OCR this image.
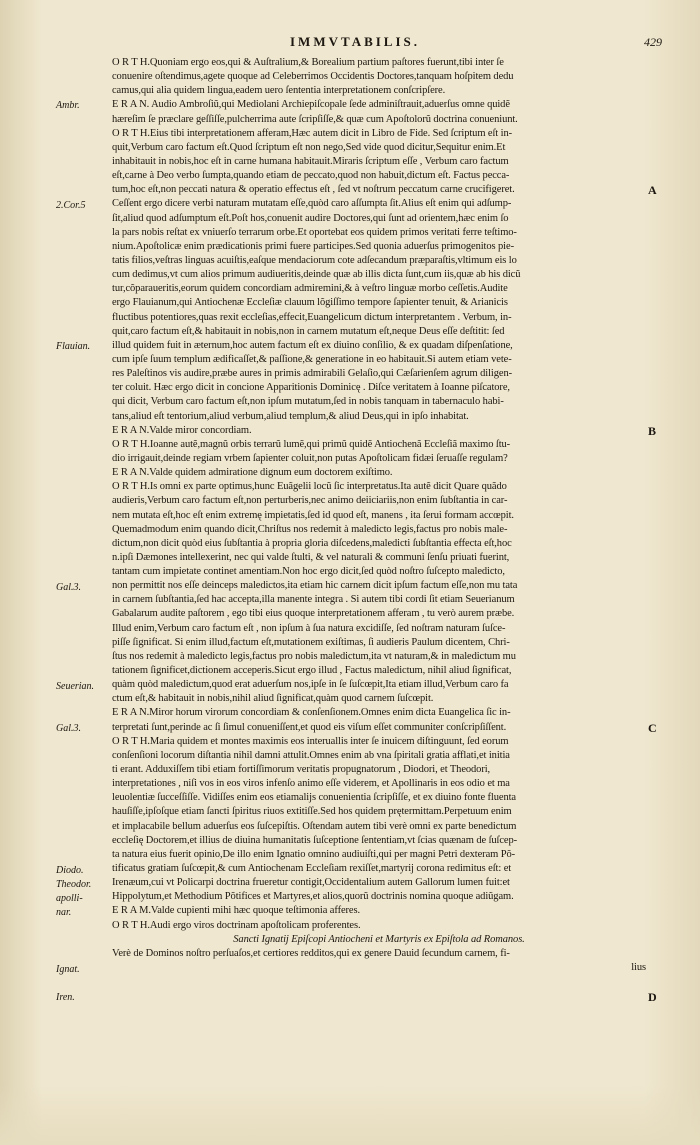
IMMVTABILIS.	429
O R T H.Quoniam ergo eos,qui & Auſtralium,& Borealium partium paſtores fuerunt,tibi inter ſe
conuenire oſtendimus,agete quoque ad Celeberrimos Occidentis Doctores,tanquam hoſpitem dedu
camus,qui alia quidem lingua,eadem uero ſententia interpretationem conſcripſere.
E R A N. Audio Ambroſiũ,qui Mediolani Archiepiſcopale ſede adminiſtrauit,aduerſus omne quidẽ
hæreſim ſe præclare geſſiſſe,pulcherrima aute ſcripſiſſe,& quæ cum Apoſtolorũ doctrina conueniunt.
O R T H.Eius tibi interpretationem afferam,Hæc autem dicit in Libro de Fide. Sed ſcriptum eſt in-
quit,Verbum caro factum eſt.Quod ſcriptum eſt non nego,Sed vide quod dicitur,Sequitur enim.Et
inhabitauit in nobis,hoc eſt in carne humana habitauit.Miraris ſcriptum eſſe , Verbum caro factum
eſt,carne à Deo verbo ſumpta,quando etiam de peccato,quod non habuit,dictum eſt. Factus pecca-
tum,hoc eſt,non peccati natura & operatio effectus eſt , ſed vt noſtrum peccatum carne crucifigeret.
Ceſſent ergo dicere verbi naturam mutatam eſſe,quòd caro aſſumpta ſit.Alius eſt enim qui adſump-
ſit,aliud quod adſumptum eſt.Poſt hos,conuenit audire Doctores,qui ſunt ad orientem,hæc enim ſo
la pars nobis reſtat ex vniuerſo terrarum orbe.Et oportebat eos quidem primos veritati ferre teſtimo-
nium.Apoſtolicæ enim prædicationis primi fuere participes.Sed quonia aduerſus primogenitos pie-
tatis filios,veſtras linguas acuiſtis,eaſque mendaciorum cote adſecandum præparaſtis,vltimum eis lo
cum dedimus,vt cum alios primum audiueritis,deinde quæ ab illis dicta ſunt,cum iis,quæ ab his dicũ
tur,cõparaueritis,eorum quidem concordiam admiremini,& à veſtro linguæ morbo ceſſetis.Audite
ergo Flauianum,qui Antiochenæ Eccleſiæ clauum lõgiſſimo tempore ſapienter tenuit, & Arianicis
fluctibus potentiores,quas rexit eccleſias,effecit,Euangelicum dictum interpretantem . Verbum, in-
quit,caro factum eſt,& habitauit in nobis,non in carnem mutatum eſt,neque Deus eſſe deſtitit: ſed
illud quidem fuit in æternum,hoc autem factum eſt ex diuino conſilio, & ex quadam diſpenſatione,
cum ipſe ſuum templum ædificaſſet,& paſſione,& generatione in eo habitauit.Si autem etiam vete-
res Paleſtinos vis audire,præbe aures in primis admirabili Gelaſio,qui Cæſarienſem agrum diligen-
ter coluit. Hæc ergo dicit in concione Apparitionis Dominicę . Diſce veritatem à Ioanne piſcatore,
qui dicit, Verbum caro factum eſt,non ipſum mutatum,ſed in nobis tanquam in tabernaculo habi-
tans,aliud eſt tentorium,aliud verbum,aliud templum,& aliud Deus,qui in ipſo inhabitat.
E R A N.Valde miror concordiam.
O R T H.Ioanne autẽ,magnũ orbis terrarũ lumẽ,qui primũ quidẽ Antiochenã Eccleſiã maximo ſtu-
dio irrigauit,deinde regiam vrbem ſapienter coluit,non putas Apoſtolicam fidæi ſeruaſſe regulam?
E R A N.Valde quidem admiratione dignum eum doctorem exiſtimo.
O R T H.Is omni ex parte optimus,hunc Euãgelii locũ ſic interpretatus.Ita autẽ dicit Quare quãdo
audieris,Verbum caro factum eſt,non perturberis,nec animo deiiciariis,non enim ſubſtantia in car-
nem mutata eſt,hoc eſt enim extremę impietatis,ſed id quod eſt, manens , ita ſerui formam accœpit.
Quemadmodum enim quando dicit,Chriſtus nos redemit à maledicto legis,factus pro nobis male-
dictum,non dicit quòd eius ſubſtantia à propria gloria diſcedens,maledicti ſubſtantia effecta eſt,hoc
n.ipſi Dæmones intellexerint, nec qui valde ſtulti, & vel naturali & communi ſenſu priuati fuerint,
tantam cum impietate continet amentiam.Non hoc ergo dicit,ſed quòd noſtro ſuſcepto maledicto,
non permittit nos eſſe deinceps maledictos,ita etiam hic carnem dicit ipſum factum eſſe,non mu tata
in carnem ſubſtantia,ſed hac accepta,illa manente integra . Si autem tibi cordi ſit etiam Seuerianum
Gabalarum audite paſtorem , ego tibi eius quoque interpretationem afferam , tu verò aurem præbe.
Illud enim,Verbum caro factum eſt , non ipſum à ſua natura excidiſſe, ſed noſtram naturam ſuſce-
piſſe ſignificat. Si enim illud,factum eſt,mutationem exiſtimas, ſi audieris Paulum dicentem, Chri-
ſtus nos redemit à maledicto legis,factus pro nobis maledictum,ita vt naturam,& in maledictum mu
tationem ſignificet,dictionem acceperis.Sicut ergo illud , Factus maledictum, nihil aliud ſignificat,
quàm quòd maledictum,quod erat aduerſum nos,ipſe in ſe ſuſcœpit,Ita etiam illud,Verbum caro fa
ctum eſt,& habitauit in nobis,nihil aliud ſignificat,quàm quod carnem ſuſcœpit.
E R A N.Miror horum virorum concordiam & conſenſionem.Omnes enim dicta Euangelica ſic in-
terpretati ſunt,perinde ac ſi ſimul conueniſſent,et quod eis viſum eſſet communiter conſcripſiſſent.
O R T H.Maria quidem et montes maximis eos interuallis inter ſe inuicem diſtinguunt, ſed eorum
conſenſioni locorum diſtantia nihil damni attulit.Omnes enim ab vna ſpiritali gratia afflati,et initia
ti erant. Adduxiſſem tibi etiam fortiſſimorum veritatis propugnatorum , Diodori, et Theodori,
interpretationes , niſi vos in eos viros infenſo animo eſſe viderem, et Apollinaris in eos odio et ma
leuolentiæ ſucceſſiſſe. Vidiſſes enim eos etiamalijs conuenientia ſcripſiſſe, et ex diuino fonte fluenta
hauſiſſe,ipſoſque etiam ſancti ſpiritus riuos extitiſſe.Sed hos quidem prętermittam.Perpetuum enim
et implacabile bellum aduerſus eos ſuſcepiſtis. Oſtendam autem tibi verè omni ex parte benedictum
eccleſię Doctorem,et illius de diuina humanitatis ſuſceptione ſententiam,vt ſcias quænam de ſuſcep-
ta natura eius fuerit opinio,De illo enim Ignatio omnino audiuiſti,qui per magni Petri dexteram Põ-
tificatus gratiam ſuſcœpit,& cum Antiochenam Eccleſiam rexiſſet,martyrij corona redimitus eſt: et
Irenæum,cui vt Policarpi doctrina frueretur contigit,Occidentalium autem Gallorum lumen fuit:et
Hippolytum,et Methodium Põtifices et Martyres,et alios,quorũ doctrinis nomina quoque adiũgam.
E R A M.Valde cupienti mihi hæc quoque teſtimonia afferes.
O R T H.Audi ergo viros doctrinam apoſtolicam proferentes.
Sancti Ignatij Epiſcopi Antiocheni et Martyris ex Epiſtola ad Romanos.
Verè de Dominos noſtro perſuaſos,et certiores redditos,qui ex genere Dauid ſecundum carnem, fi-
lius
Ambr.
2.Cor.5
Flauian.
Gal.3.
Seuerian.
Gal.3.
Diodo.
Theodor.
apolli-
nar.
Ignat.
Iren.
A
B
C
D
